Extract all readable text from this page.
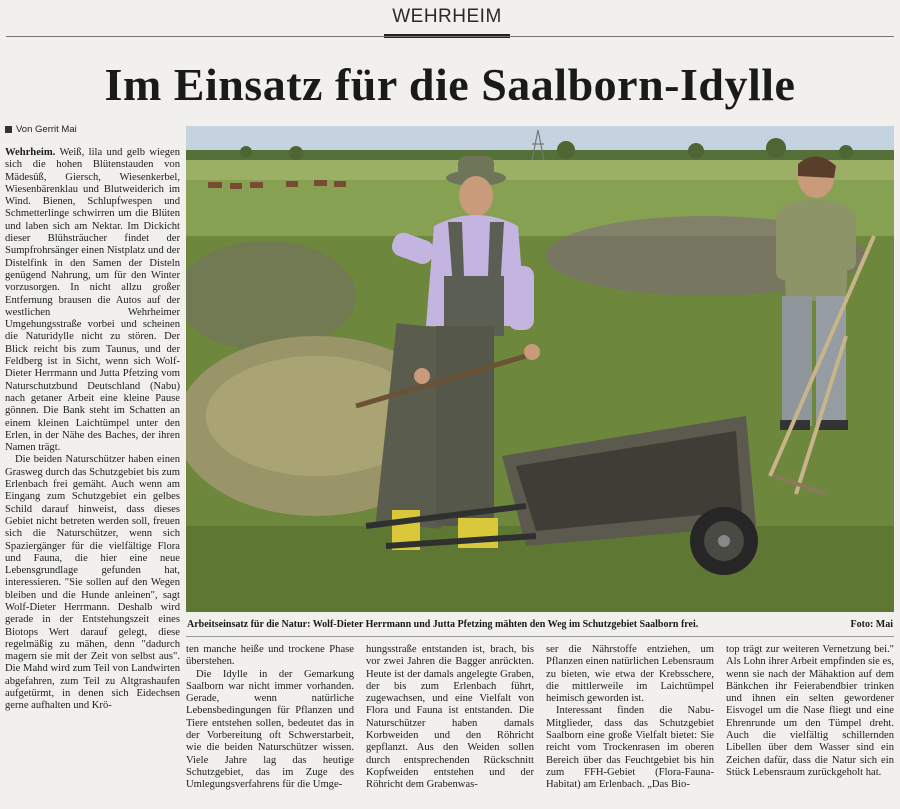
WEHRHEIM
Im Einsatz für die Saalborn-Idylle
Von Gerrit Mai

Wehrheim. Weiß, lila und gelb wiegen sich die hohen Blütenstauden von Mädesüß, Giersch, Wiesenkerbel, Wiesenbärenklau und Blutweiderich im Wind. Bienen, Schlupfwespen und Schmetterlinge schwirren um die Blüten und laben sich am Nektar. Im Dickicht dieser Blühsträucher findet der Sumpfrohrsänger einen Nistplatz und der Distelfink in den Samen der Disteln genügend Nahrung, um für den Winter vorzusorgen. In nicht allzu großer Entfernung brausen die Autos auf der westlichen Wehrheimer Umgehungsstraße vorbei und scheinen die Naturidylle nicht zu stören. Der Blick reicht bis zum Taunus, und der Feldberg ist in Sicht, wenn sich Wolf-Dieter Herrmann und Jutta Pfetzing vom Naturschutzbund Deutschland (Nabu) nach getaner Arbeit eine kleine Pause gönnen. Die Bank steht im Schatten an einem kleinen Laichtümpel unter den Erlen, in der Nähe des Baches, der ihren Namen trägt.

Die beiden Naturschützer haben einen Grasweg durch das Schutzgebiet bis zum Erlenbach frei gemäht. Auch wenn am Eingang zum Schutzgebiet ein gelbes Schild darauf hinweist, dass dieses Gebiet nicht betreten werden soll, freuen sich die Naturschützer, wenn sich Spaziergänger für die vielfältige Flora und Fauna, die hier eine neue Lebensgrundlage gefunden hat, interessieren. "Sie sollen auf den Wegen bleiben und die Hunde anleinen", sagt Wolf-Dieter Herrmann. Deshalb wird gerade in der Entstehungszeit eines Biotops Wert darauf gelegt, diese regelmäßig zu mähen, denn "dadurch magern sie mit der Zeit von selbst aus". Die Mahd wird zum Teil von Landwirten abgefahren, zum Teil zu Altgrashaufen aufgetürmt, in denen sich Eidechsen gerne aufhalten und Krö-

Arbeitseinsatz für die Natur: Wolf-Dieter Herrmann und Jutta Pfetzing mähten den Weg im Schutzgebiet Saalborn frei.	Foto: Mai

ten manche heiße und trockene Phase überstehen.

Die Idylle in der Gemarkung Saalborn war nicht immer vorhanden. Gerade, wenn natürliche Lebensbedingungen für Pflanzen und Tiere entstehen sollen, bedeutet das in der Vorbereitung oft Schwerstarbeit, wie die beiden Naturschützer wissen. Viele Jahre lag das heutige Schutzgebiet, das im Zuge des Umlegungsverfahrens für die Umge-

hungsstraße entstanden ist, brach, bis vor zwei Jahren die Bagger anrückten. Heute ist der damals angelegte Graben, der bis zum Erlenbach führt, zugewachsen, und eine Vielfalt von Flora und Fauna ist entstanden. Die Naturschützer haben damals Korbweiden und den Röhricht gepflanzt. Aus den Weiden sollen durch entsprechenden Rückschnitt Kopfweiden entstehen und der Röhricht dem Grabenwas-

ser die Nährstoffe entziehen, um Pflanzen einen natürlichen Lebensraum zu bieten, wie etwa der Krebsschere, die mittlerweile im Laichtümpel heimisch geworden ist.

Interessant finden die Nabu-Mitglieder, dass das Schutzgebiet Saalborn eine große Vielfalt bietet: Sie reicht vom Trockenrasen im oberen Bereich über das Feuchtgebiet bis hin zum FFH-Gebiet (Flora-Fauna-Habitat) am Erlenbach. „Das Bio-

top trägt zur weiteren Vernetzung bei." Als Lohn ihrer Arbeit empfinden sie es, wenn sie nach der Mähaktion auf dem Bänkchen ihr Feierabendbier trinken und ihnen ein selten gewordener Eisvogel um die Nase fliegt und eine Ehrenrunde um den Tümpel dreht. Auch die vielfältig schillernden Libellen über dem Wasser sind ein Zeichen dafür, dass die Natur sich ein Stück Lebensraum zurückgeholt hat.
